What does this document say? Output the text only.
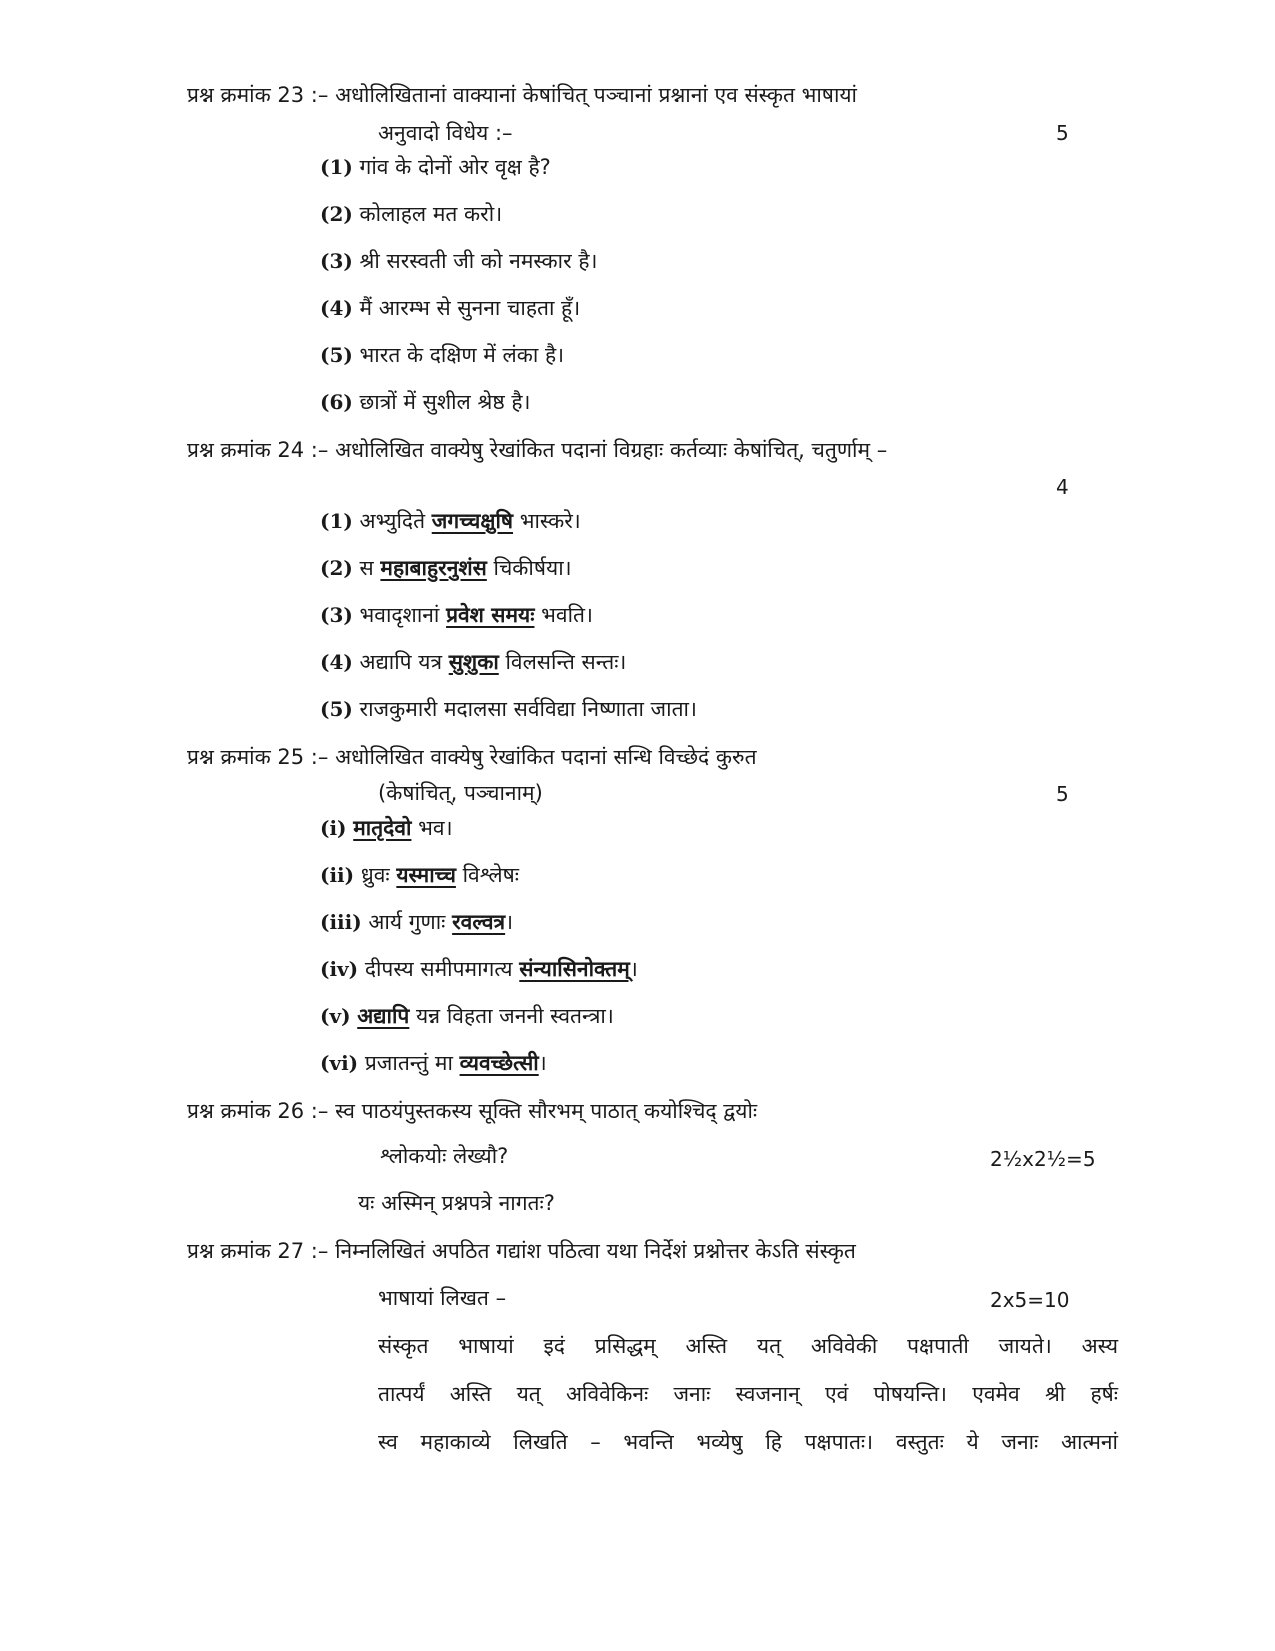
प्रश्न क्रमांक 23 :– अधोलिखितानां वाक्यानां केषांचित् पञ्चानां प्रश्नानां एव संस्कृत भाषायां
अनुवादो विधेय :–	5
(1) गांव के दोनों ओर वृक्ष है?
(2) कोलाहल मत करो।
(3) श्री सरस्वती जी को नमस्कार है।
(4) मैं आरम्भ से सुनना चाहता हूँ।
(5) भारत के दक्षिण में लंका है।
(6) छात्रों में सुशील श्रेष्ठ है।
प्रश्न क्रमांक 24 :– अधोलिखित वाक्येषु रेखांकित पदानां विग्रहाः कर्तव्याः केषांचित्, चतुर्णाम् –
4
(1) अभ्युदिते जगच्चक्षुषि भास्करे।
(2) स महाबाहुरनुशंस चिकीर्षया।
(3) भवादृशानां प्रवेश समयः भवति।
(4) अद्यापि यत्र सुशुका विलसन्ति सन्तः।
(5) राजकुमारी मदालसा सर्वविद्या निष्णाता जाता।
प्रश्न क्रमांक 25 :– अधोलिखित वाक्येषु रेखांकित पदानां सन्धि विच्छेदं कुरुत
(केषांचित्, पञ्चानाम्)	5
(i) मातृदेवो भव।
(ii) ध्रुवः यस्माच्च विश्लेषः
(iii) आर्य गुणाः रवल्वत्र।
(iv) दीपस्य समीपमागत्य संन्यासिनोक्तम्।
(v) अद्यापि यन्न विहता जननी स्वतन्त्रा।
(vi) प्रजातन्तुं मा व्यवच्छेत्सी।
प्रश्न क्रमांक 26 :– स्व पाठयंपुस्तकस्य सूक्ति सौरभम् पाठात् कयोश्चिद् द्वयोः
श्लोकयोः लेख्यौ?	2½x2½=5
यः अस्मिन् प्रश्नपत्रे नागतः?
प्रश्न क्रमांक 27 :– निम्नलिखितं अपठित गद्यांश पठित्वा यथा निर्देशं प्रश्नोत्तर केऽति संस्कृत
भाषायां लिखत –	2x5=10
संस्कृत भाषायां इदं प्रसिद्धम् अस्ति यत् अविवेकी पक्षपाती जायते। अस्य
तात्पर्यं अस्ति यत् अविवेकिनः जनाः स्वजनान् एवं पोषयन्ति। एवमेव श्री हर्षः
स्व महाकाव्ये लिखति – भवन्ति भव्येषु हि पक्षपातः। वस्तुतः ये जनाः आत्मनां
